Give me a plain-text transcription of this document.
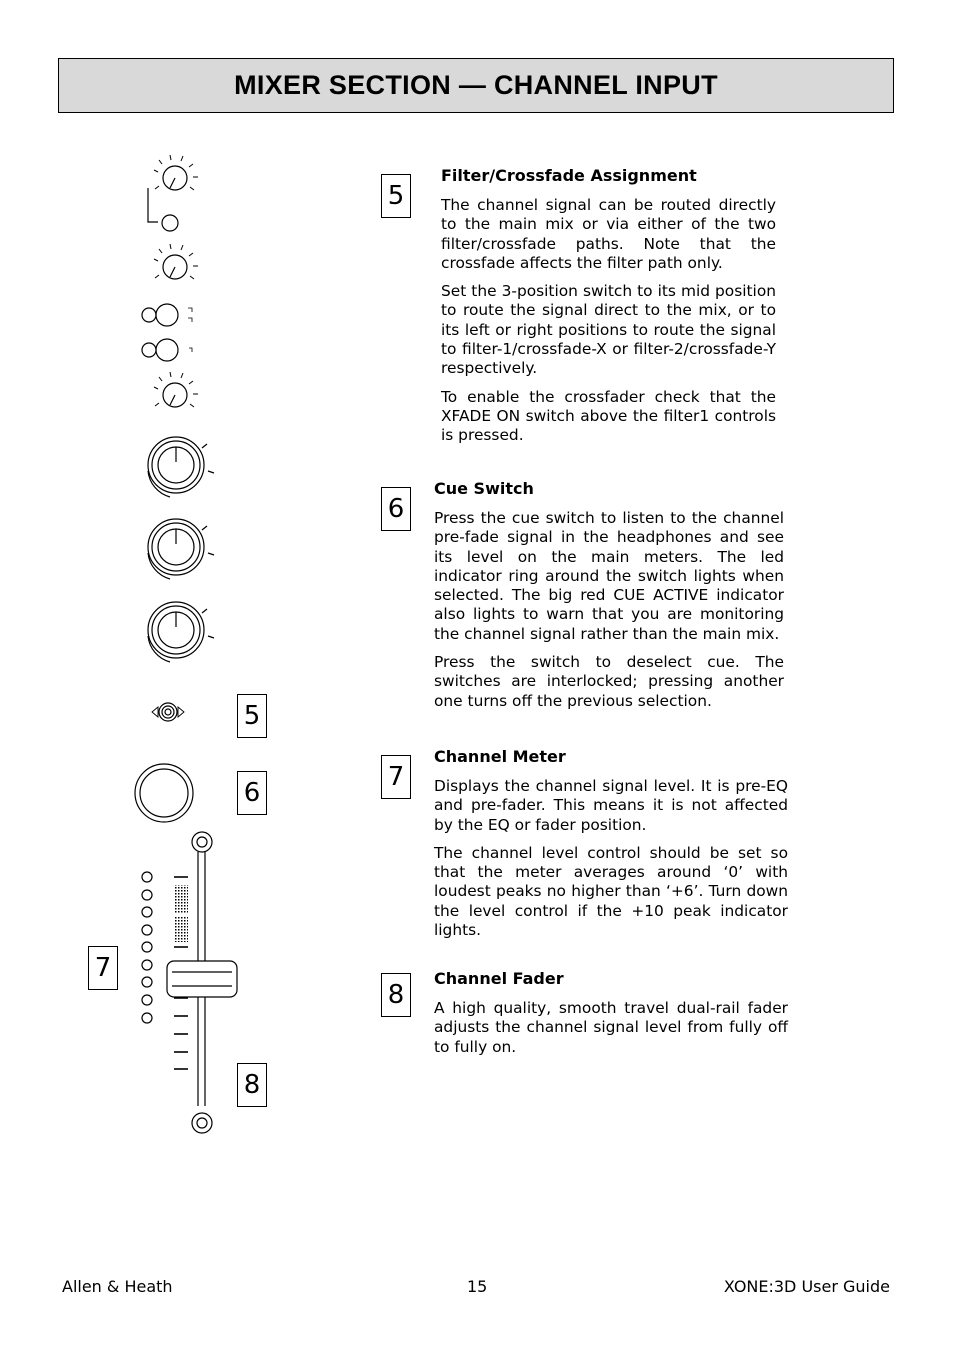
MIXER SECTION — CHANNEL INPUT
5
6
7
8
5
Filter/Crossfade Assignment

The channel signal can be routed directly to the main mix or via either of the two filter/crossfade paths. Note that the crossfade affects the filter path only.

Set the 3-position switch to its mid position to route the signal direct to the mix, or to its left or right positions to route the signal to filter-1/crossfade-X or filter-2/crossfade-Y respectively.

To enable the crossfader check that the XFADE ON switch above the filter1 controls is pressed.

6
Cue Switch

Press the cue switch to listen to the channel pre-fade signal in the headphones and see its level on the main meters. The led indicator ring around the switch lights when selected. The big red CUE ACTIVE indicator also lights to warn that you are monitoring the channel signal rather than the main mix.

Press the switch to deselect cue. The switches are interlocked; pressing another one turns off the previous selection.

7
Channel Meter

Displays the channel signal level. It is pre-EQ and pre-fader. This means it is not affected by the EQ or fader position.

The channel level control should be set so that the meter averages around ‘0’ with loudest peaks no higher than ‘+6’. Turn down the level control if the +10 peak indicator lights.

8
Channel Fader

A high quality, smooth travel dual-rail fader adjusts the channel signal level from fully off to fully on.

Allen & Heath	15	XONE:3D User Guide
